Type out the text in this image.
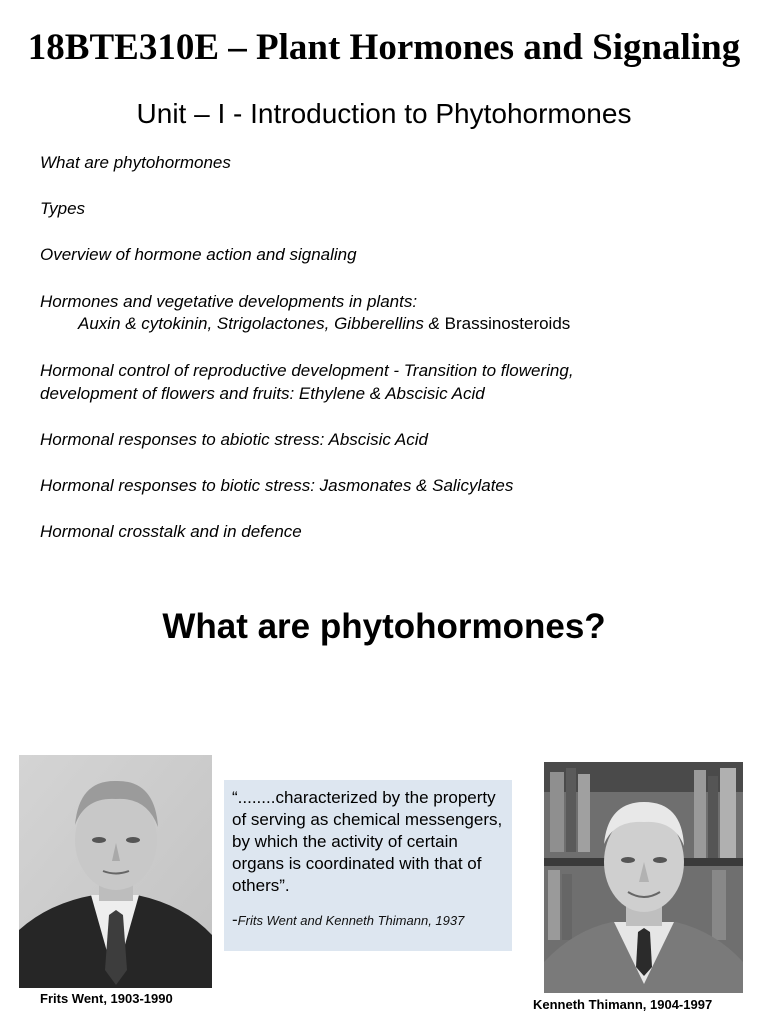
18BTE310E – Plant Hormones and Signaling
Unit – I - Introduction to Phytohormones
What are phytohormones
Types
Overview of hormone action and signaling
Hormones and vegetative developments in plants:
Auxin & cytokinin, Strigolactones, Gibberellins & Brassinosteroids
Hormonal control of reproductive development - Transition to flowering,
development of flowers and fruits: Ethylene & Abscisic Acid
Hormonal responses to abiotic stress: Abscisic Acid
Hormonal responses to biotic stress: Jasmonates & Salicylates
Hormonal crosstalk and in defence
What are phytohormones?
Frits Went, 1903-1990
“........characterized by the property of serving as chemical messengers, by which the activity of certain organs is coordinated with that of others”.
-Frits Went and Kenneth Thimann, 1937
Kenneth Thimann, 1904-1997
